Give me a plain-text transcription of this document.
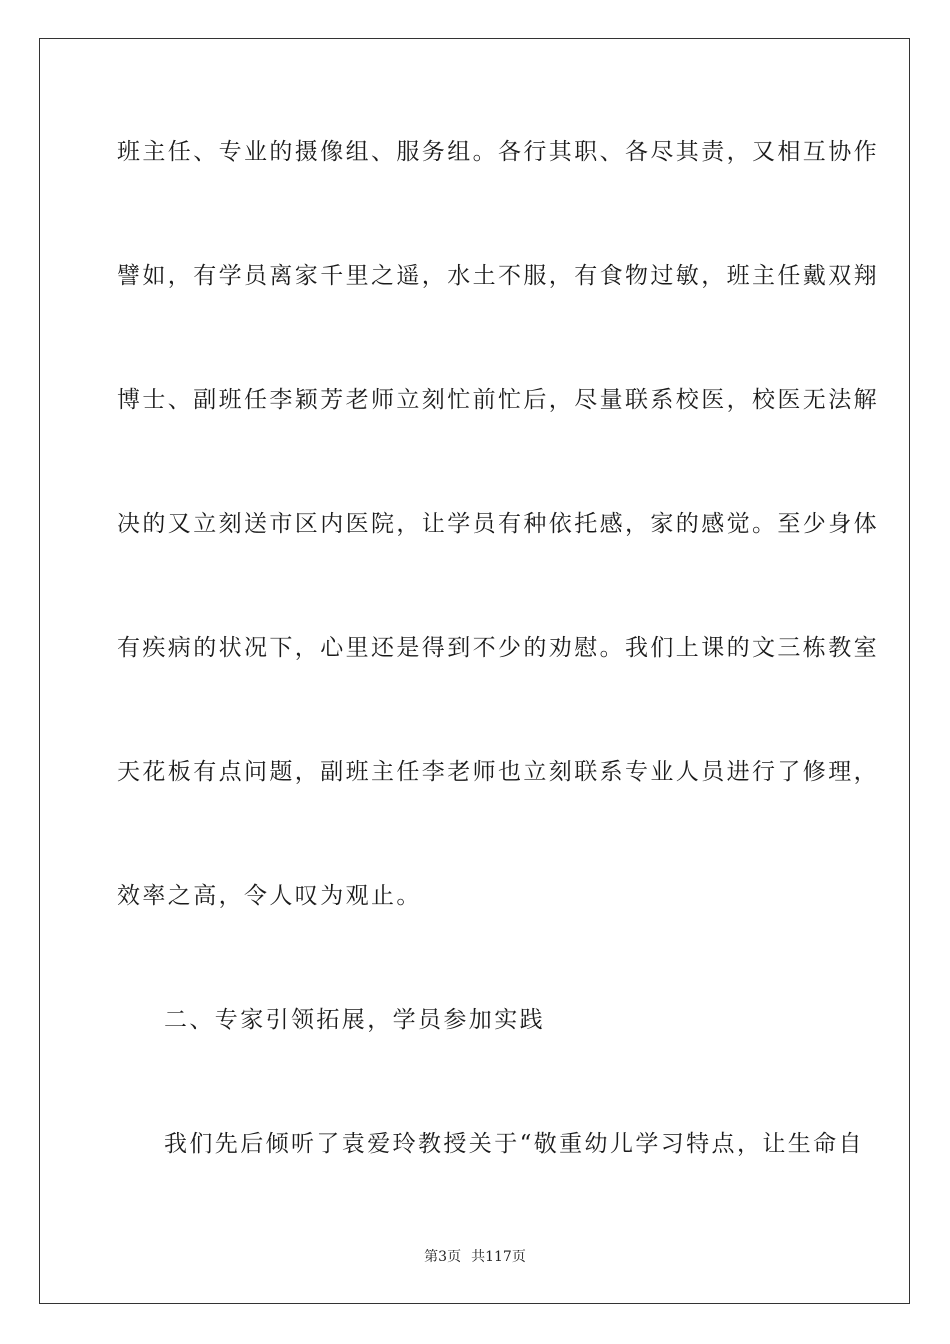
班主任、专业的摄像组、服务组。各行其职、各尽其责，又相互协作
譬如，有学员离家千里之遥，水土不服，有食物过敏，班主任戴双翔
博士、副班任李颖芳老师立刻忙前忙后，尽量联系校医，校医无法解
决的又立刻送市区内医院，让学员有种依托感，家的感觉。至少身体
有疾病的状况下，心里还是得到不少的劝慰。我们上课的文三栋教室
天花板有点问题，副班主任李老师也立刻联系专业人员进行了修理，
效率之高，令人叹为观止。
二、专家引领拓展，学员参加实践
我们先后倾听了袁爱玲教授关于“敬重幼儿学习特点，让生命自
第3页 共117页
